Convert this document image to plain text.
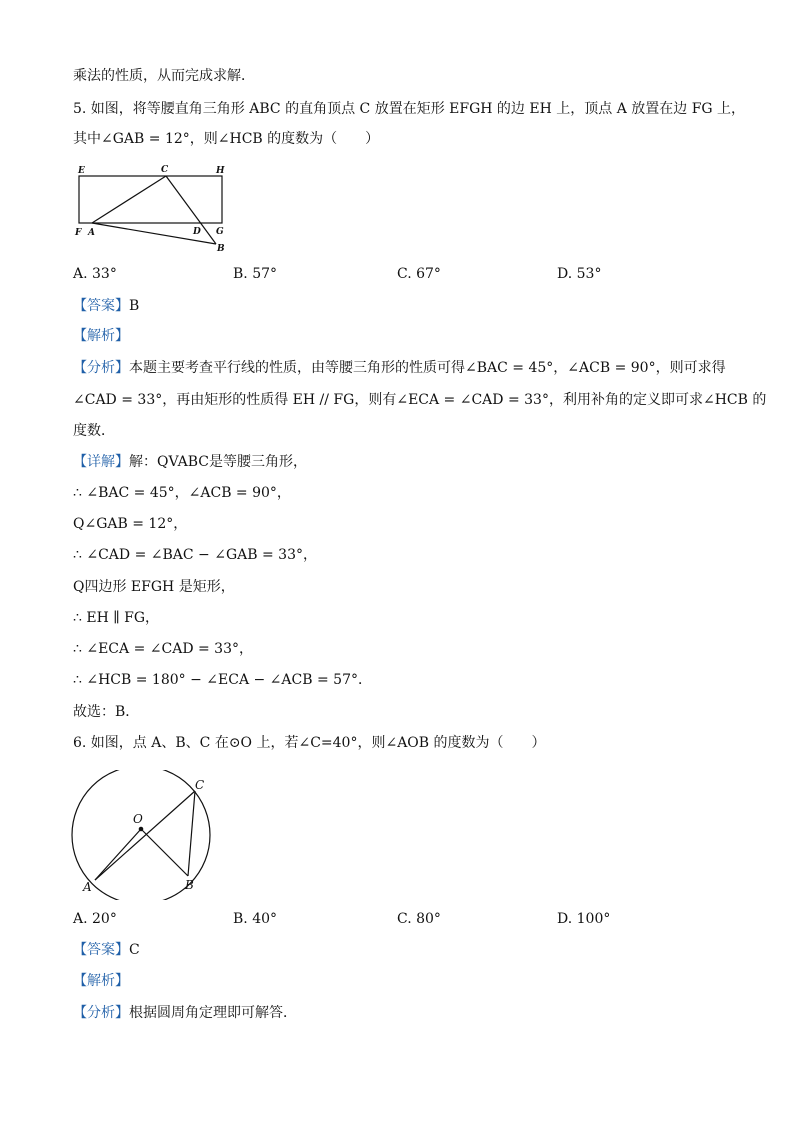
乘法的性质，从而完成求解．
5. 如图，将等腰直角三角形 ABC 的直角顶点 C 放置在矩形 EFGH 的边 EH 上，顶点 A 放置在边 FG 上，
其中∠GAB = 12°，则∠HCB 的度数为（　　）
E	C	H
F A	D G
B
A. 33°	B. 57°	C. 67°	D. 53°
【答案】B
【解析】
【分析】本题主要考查平行线的性质，由等腰三角形的性质可得∠BAC = 45°，∠ACB = 90°，则可求得
∠CAD = 33°，再由矩形的性质得 EH // FG，则有∠ECA = ∠CAD = 33°，利用补角的定义即可求∠HCB 的
度数．
【详解】解：QVABC是等腰三角形，
∴ ∠BAC = 45°，∠ACB = 90°，
Q∠GAB = 12°，
∴ ∠CAD = ∠BAC − ∠GAB = 33°，
Q四边形 EFGH 是矩形，
∴ EH ∥ FG，
∴ ∠ECA = ∠CAD = 33°，
∴ ∠HCB = 180° − ∠ECA − ∠ACB = 57°．
故选：B．
6. 如图，点 A、B、C 在⊙O 上，若∠C=40°，则∠AOB 的度数为（　　）
O
A	B
C
A. 20°	B. 40°	C. 80°	D. 100°
【答案】C
【解析】
【分析】根据圆周角定理即可解答．
